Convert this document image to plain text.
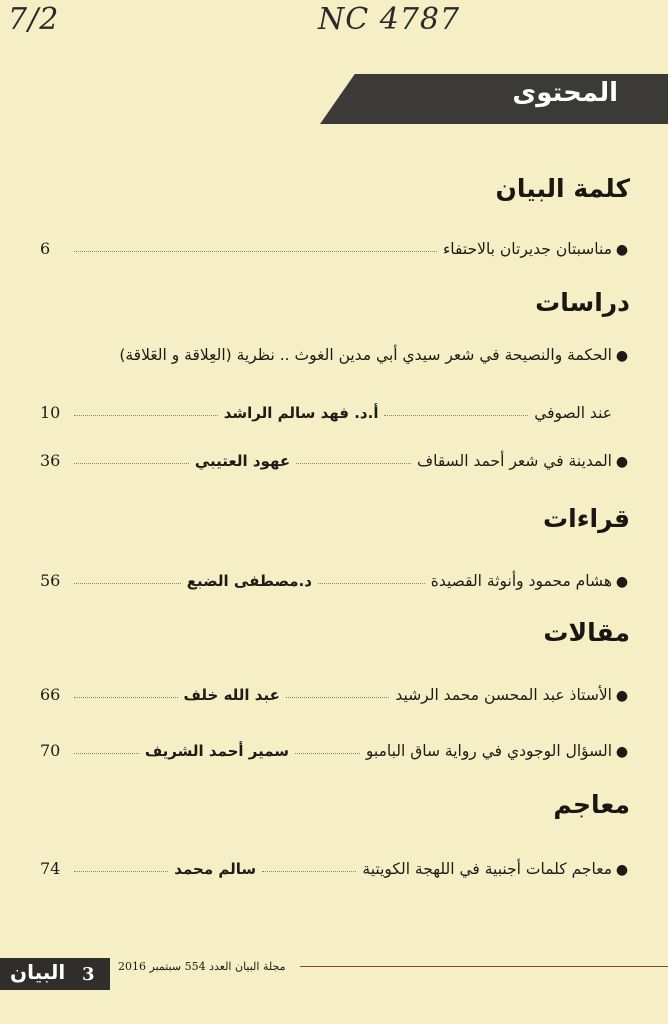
7/2	NC 4787
المحتوى
كلمة البيان
●
مناسبتان جديرتان بالاحتفاء
6
دراسات
●الحكمة والنصيحة في شعر سيدي أبي مدين الغوث .. نظرية (العِلاقة و العَلاقة)
عند الصوفي
أ.د. فهد سالم الراشد
10
●
المدينة في شعر أحمد السقاف
عهود العتيبي
36
قراءات
●
هشام محمود وأنوثة القصيدة
د.مصطفى الضبع
56
مقالات
●
الأستاذ عبد المحسن محمد الرشيد
عبد الله خلف
66
●
السؤال الوجودي في رواية ساق البامبو
سمير أحمد الشريف
70
معاجم
●
معاجم كلمات أجنبية في اللهجة الكويتية
سالم محمد
74
3
البيان	مجلة البيان العدد 554 سبتمبر 2016
